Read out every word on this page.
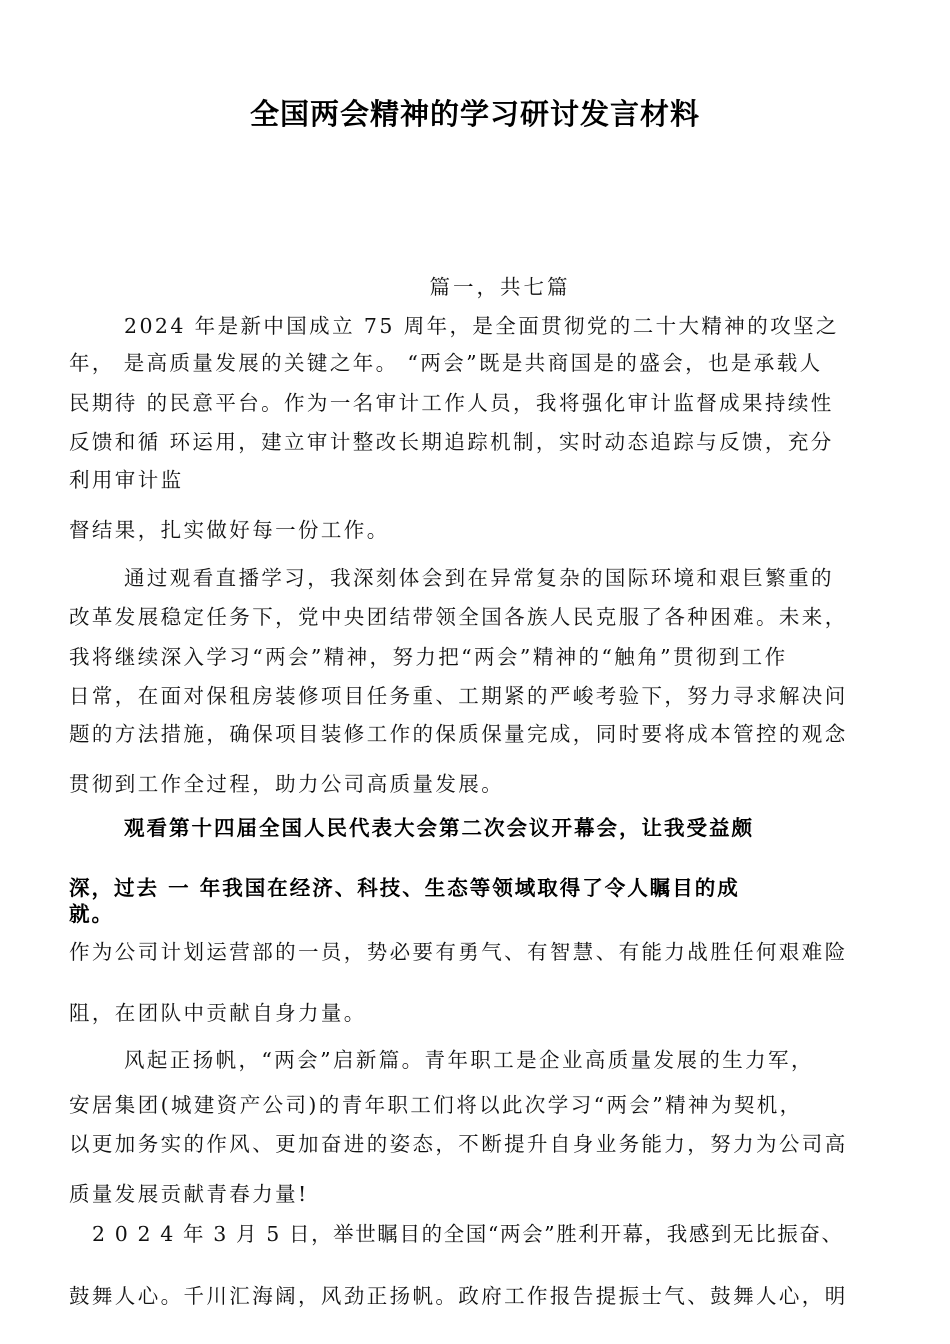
全国两会精神的学习研讨发言材料
篇一，共七篇
2024 年是新中国成立 75 周年，是全面贯彻党的二十大精神的攻坚之
年， 是高质量发展的关键之年。 “两会”既是共商国是的盛会，也是承载人
民期待 的民意平台。作为一名审计工作人员，我将强化审计监督成果持续性
反馈和循 环运用，建立审计整改长期追踪机制，实时动态追踪与反馈，充分
利用审计监
督结果，扎实做好每一份工作。
通过观看直播学习，我深刻体会到在异常复杂的国际环境和艰巨繁重的
改革发展稳定任务下，党中央团结带领全国各族人民克服了各种困难。未来，
我将继续深入学习“两会”精神，努力把“两会”精神的“触角”贯彻到工作
日常，在面对保租房装修项目任务重、工期紧的严峻考验下，努力寻求解决问
题的方法措施，确保项目装修工作的保质保量完成，同时要将成本管控的观念
贯彻到工作全过程，助力公司高质量发展。
观看第十四届全国人民代表大会第二次会议开幕会，让我受益颇
深，过去 一 年我国在经济、科技、生态等领域取得了令人瞩目的成
就。
作为公司计划运营部的一员，势必要有勇气、有智慧、有能力战胜任何艰难险
阻，在团队中贡献自身力量。
风起正扬帆，“两会”启新篇。青年职工是企业高质量发展的生力军，
安居集团(城建资产公司)的青年职工们将以此次学习“两会”精神为契机，
以更加务实的作风、更加奋进的姿态，不断提升自身业务能力，努力为公司高
质量发展贡献青春力量!
2 0 2 4 年 3 月 5 日，举世瞩目的全国“两会”胜利开幕，我感到无比振奋、
鼓舞人心。千川汇海阔，风劲正扬帆。政府工作报告提振士气、鼓舞人心，明
